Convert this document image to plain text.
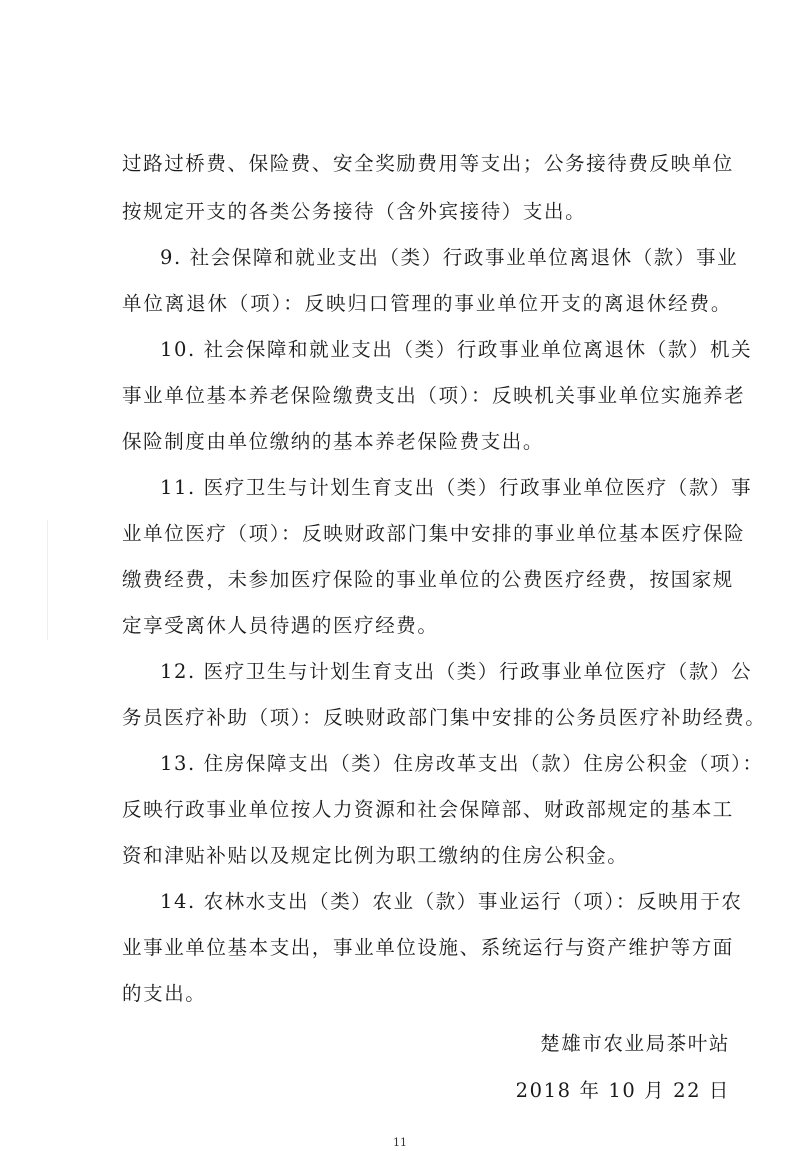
过路过桥费、保险费、安全奖励费用等支出；公务接待费反映单位
按规定开支的各类公务接待（含外宾接待）支出。
9. 社会保障和就业支出（类）行政事业单位离退休（款）事业
单位离退休（项）：反映归口管理的事业单位开支的离退休经费。
10. 社会保障和就业支出（类）行政事业单位离退休（款）机关
事业单位基本养老保险缴费支出（项）：反映机关事业单位实施养老
保险制度由单位缴纳的基本养老保险费支出。
11. 医疗卫生与计划生育支出（类）行政事业单位医疗（款）事
业单位医疗（项）：反映财政部门集中安排的事业单位基本医疗保险
缴费经费，未参加医疗保险的事业单位的公费医疗经费，按国家规
定享受离休人员待遇的医疗经费。
12. 医疗卫生与计划生育支出（类）行政事业单位医疗（款）公
务员医疗补助（项）：反映财政部门集中安排的公务员医疗补助经费。
13. 住房保障支出（类）住房改革支出（款）住房公积金（项）：
反映行政事业单位按人力资源和社会保障部、财政部规定的基本工
资和津贴补贴以及规定比例为职工缴纳的住房公积金。
14. 农林水支出（类）农业（款）事业运行（项）：反映用于农
业事业单位基本支出，事业单位设施、系统运行与资产维护等方面
的支出。
楚雄市农业局茶叶站
2018 年 10 月 22 日
11
